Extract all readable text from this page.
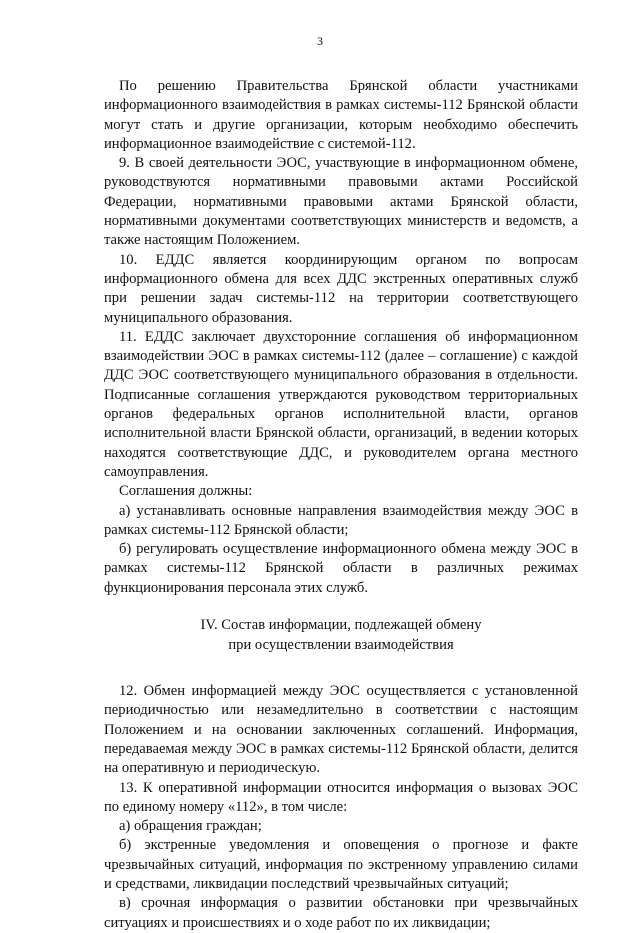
3

По решению Правительства Брянской области участниками информационного взаимодействия в рамках системы-112 Брянской области могут стать и другие организации, которым необходимо обеспечить информационное взаимодействие с системой-112.

9. В своей деятельности ЭОС, участвующие в информационном обмене, руководствуются нормативными правовыми актами Российской Федерации, нормативными правовыми актами Брянской области, нормативными документами соответствующих министерств и ведомств, а также настоящим Положением.

10. ЕДДС является координирующим органом по вопросам информационного обмена для всех ДДС экстренных оперативных служб при решении задач системы-112 на территории соответствующего муниципального образования.

11. ЕДДС заключает двухсторонние соглашения об информационном взаимодействии ЭОС в рамках системы-112 (далее – соглашение) с каждой ДДС ЭОС соответствующего муниципального образования в отдельности. Подписанные соглашения утверждаются руководством территориальных органов федеральных органов исполнительной власти, органов исполнительной власти Брянской области, организаций, в ведении которых находятся соответствующие ДДС, и руководителем органа местного самоуправления.

Соглашения должны:

а) устанавливать основные направления взаимодействия между ЭОС в рамках системы-112 Брянской области;

б) регулировать осуществление информационного обмена между ЭОС в рамках системы-112 Брянской области в различных режимах функционирования персонала этих служб.

IV. Состав информации, подлежащей обмену
при осуществлении взаимодействия

12. Обмен информацией между ЭОС осуществляется с установленной периодичностью или незамедлительно в соответствии с настоящим Положением и на основании заключенных соглашений. Информация, передаваемая между ЭОС в рамках системы-112 Брянской области, делится на оперативную и периодическую.

13. К оперативной информации относится информация о вызовах ЭОС по единому номеру «112», в том числе:

а) обращения граждан;

б) экстренные уведомления и оповещения о прогнозе и факте чрезвычайных ситуаций, информация по экстренному управлению силами и средствами, ликвидации последствий чрезвычайных ситуаций;

в) срочная информация о развитии обстановки при чрезвычайных ситуациях и происшествиях и о ходе работ по их ликвидации;
